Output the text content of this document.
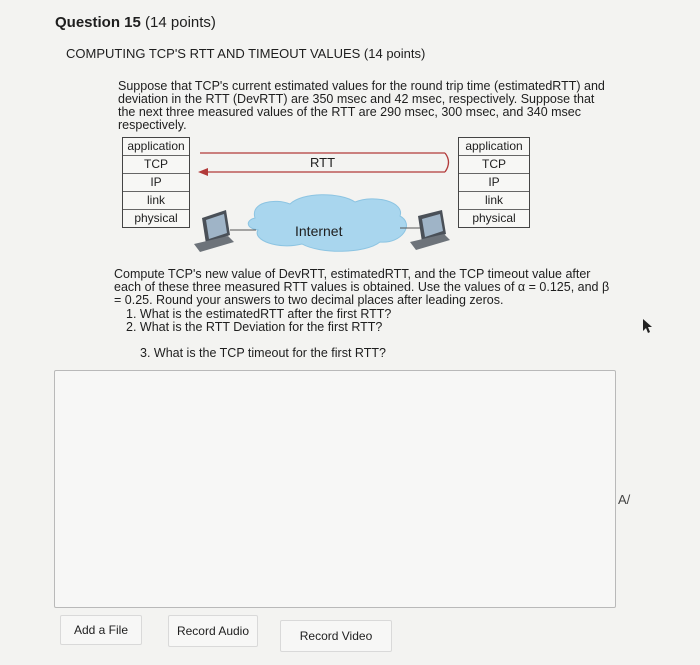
Question 15 (14 points)
COMPUTING TCP'S RTT AND TIMEOUT VALUES (14 points)
Suppose that TCP's current estimated values for the round trip time (estimatedRTT) and deviation in the RTT (DevRTT) are 350 msec and 42 msec, respectively. Suppose that the next three measured values of the RTT are 290 msec, 300 msec, and 340 msec respectively.
application
TCP
IP
link
physical
application
TCP
IP
link
physical
RTT
Internet
Compute TCP's new value of DevRTT, estimatedRTT, and the TCP timeout value after each of these three measured RTT values is obtained. Use the values of α = 0.125, and β = 0.25. Round your answers to two decimal places after leading zeros.
1. What is the estimatedRTT after the first RTT?
2. What is the RTT Deviation for the first RTT?
3. What is the TCP timeout for the first RTT?
Add a File	Record Audio	Record Video
A/
